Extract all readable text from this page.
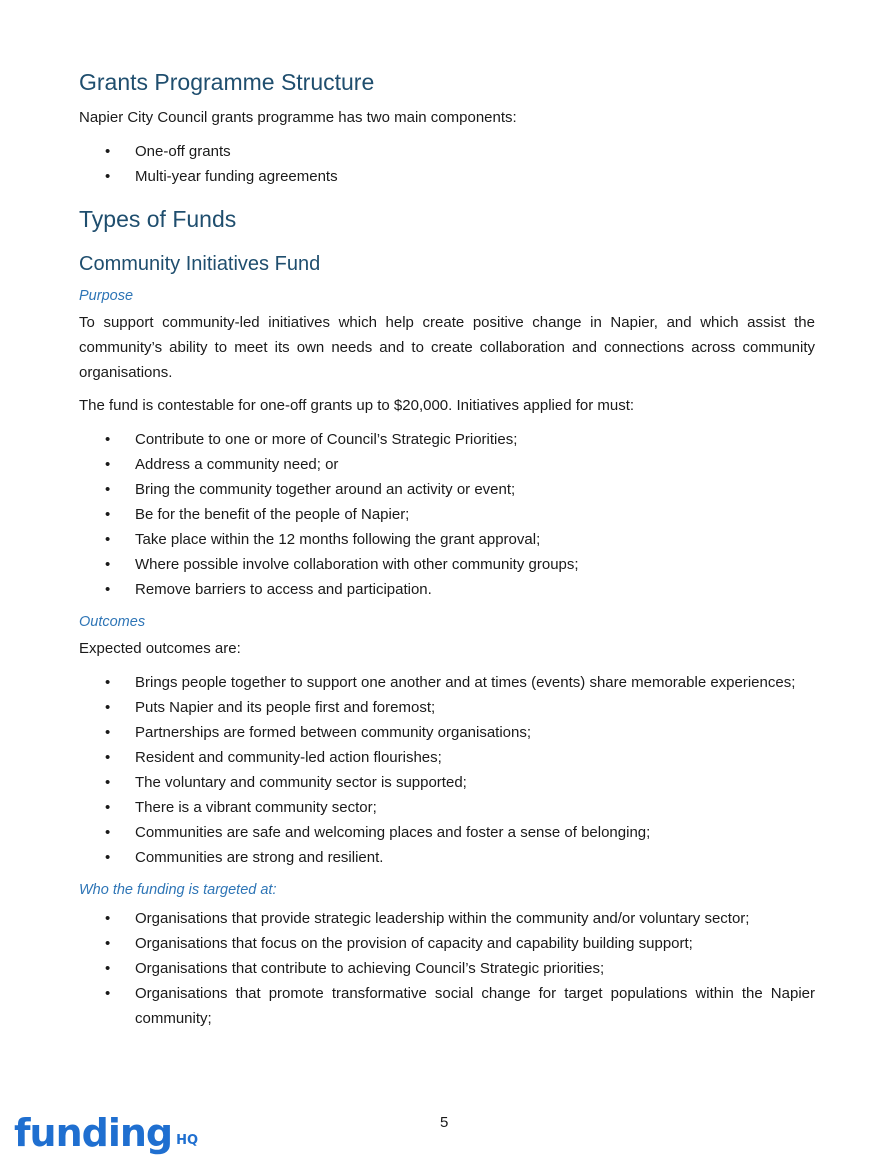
Grants Programme Structure

Napier City Council grants programme has two main components:

• One-off grants
• Multi-year funding agreements
Types of Funds
Community Initiatives Fund
Purpose

To support community-led initiatives which help create positive change in Napier, and which assist the community’s ability to meet its own needs and to create collaboration and connections across community organisations.

The fund is contestable for one-off grants up to $20,000. Initiatives applied for must:

• Contribute to one or more of Council’s Strategic Priorities;
• Address a community need; or
• Bring the community together around an activity or event;
• Be for the benefit of the people of Napier;
• Take place within the 12 months following the grant approval;
• Where possible involve collaboration with other community groups;
• Remove barriers to access and participation.
Outcomes

Expected outcomes are:

• Brings people together to support one another and at times (events) share memorable experiences;
• Puts Napier and its people first and foremost;
• Partnerships are formed between community organisations;
• Resident and community-led action flourishes;
• The voluntary and community sector is supported;
• There is a vibrant community sector;
• Communities are safe and welcoming places and foster a sense of belonging;
• Communities are strong and resilient.
Who the funding is targeted at:
• Organisations that provide strategic leadership within the community and/or voluntary sector;
• Organisations that focus on the provision of capacity and capability building support;
• Organisations that contribute to achieving Council’s Strategic priorities;
• Organisations that promote transformative social change for target populations within the Napier community;
funding $^{HQ}$
5
